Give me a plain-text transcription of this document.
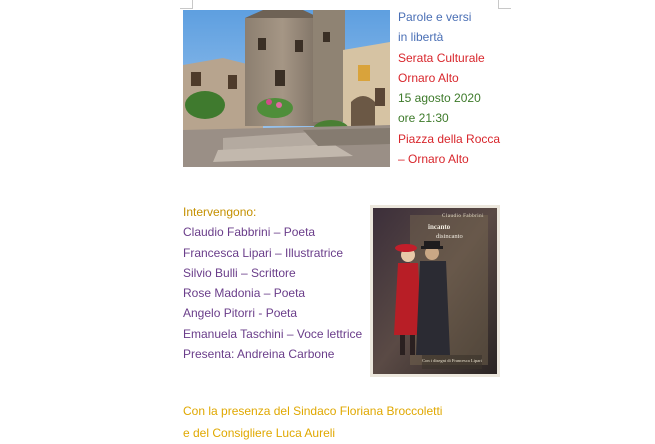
Parole e versi
in libertà
Serata Culturale
Ornaro Alto
15 agosto 2020
ore 21:30
Piazza della Rocca
– Ornaro Alto
Intervengono:
Claudio Fabbrini – Poeta
Francesca Lipari – Illustratrice
Silvio Bulli – Scrittore
Rose Madonia – Poeta
Angelo Pitorri - Poeta
Emanuela Taschini – Voce lettrice
Presenta: Andreina Carbone	Con i disegni di Francesca Lipari
Claudio Fabbrini
incanto
disincanto
Con la presenza del Sindaco Floriana Broccoletti
e del Consigliere Luca Aureli
